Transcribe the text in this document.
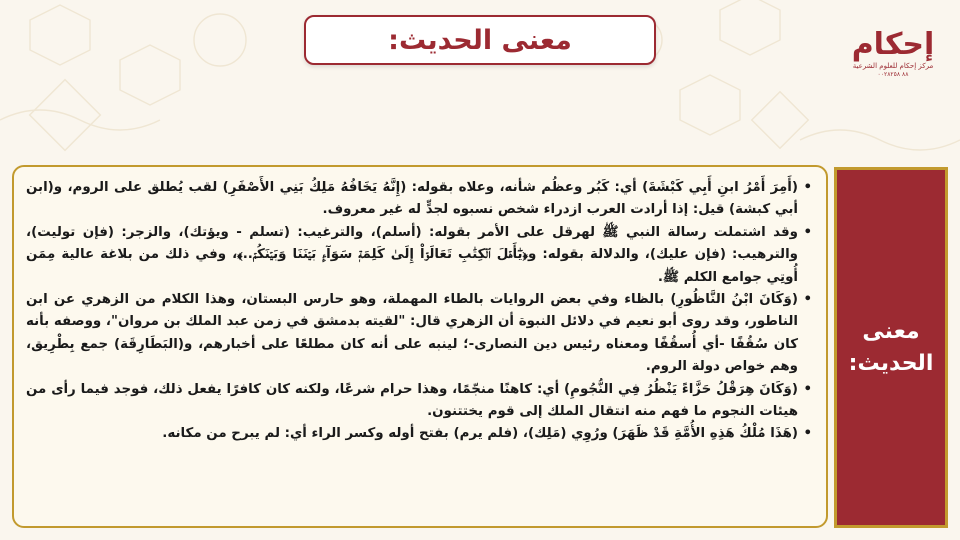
معنى الحديث:	إحكام
مركز إحكام للعلوم الشرعية
٨٨ ٠٠٢٨٢٥٨
•
(أَمِرَ أَمْرُ ابنِ أَبِي كَبْشَةَ) أي: كَبُر وعظُم شأنه، وعلاه بقوله: (إِنَّهُ يَخَافُهُ مَلِكُ بَنِي الأَصْفَرِ) لقب يُطلق على الروم، و(ابن أبي كبشة) قيل: إذا أرادت العرب ازدراء شخص نسبوه لجدٍّ له غير معروف.
•
وقد اشتملت رسالة النبي ﷺ لهرقل على الأمر بقوله: (أسلم)، والترغيب: (تسلم - ويؤتك)، والزجر: (فإن توليت)، والترهيب: (فإن عليك)، والدلالة بقوله: و﴿يَٰٓأَهۡلَ ٱلۡكِتَٰبِ تَعَالَوۡاْ إِلَىٰ كَلِمَةٖ سَوَآءِۭ بَيۡنَنَا وَبَيۡنَكُمۡ..﴾، وفي ذلك من بلاغة عالية مِمَن أُوتِي جوامع الكلم ﷺ.
•
(وَكَانَ ابْنُ النَّاظُورِ) بالظاء وفي بعض الروايات بالطاء المهملة، وهو حارس البستان، وهذا الكلام من الزهري عن ابن الناطور، وقد روى أبو نعيم في دلائل النبوة أن الزهري قال: "لقيته بدمشق في زمن عبد الملك بن مروان"، ووصفه بأنه كان سُقُفًا -أي أُسقُفًا ومعناه رئيس دين النصارى-؛ لينبه على أنه كان مطلعًا على أخبارهم، و(البَطَارِقَة) جمع بِطْرِيق، وهم خواص دولة الروم.
•
(وَكَانَ هِرَقْلُ حَزَّاءً يَنْظُرُ فِي النُّجُومِ) أي: كاهنًا منجّمًا، وهذا حرام شرعًا، ولكنه كان كافرًا يفعل ذلك، فوجد فيما رأى من هيئات النجوم ما فهم منه انتقال الملك إلى قوم يختتنون.
•
(هَذَا مُلْكُ هَذِهِ الأُمَّةِ قَدْ ظَهَرَ) ورُوِي (مَلِك)، (فلم يرم) بفتح أوله وكسر الراء أي: لم يبرح من مكانه.
معنى
الحديث:
